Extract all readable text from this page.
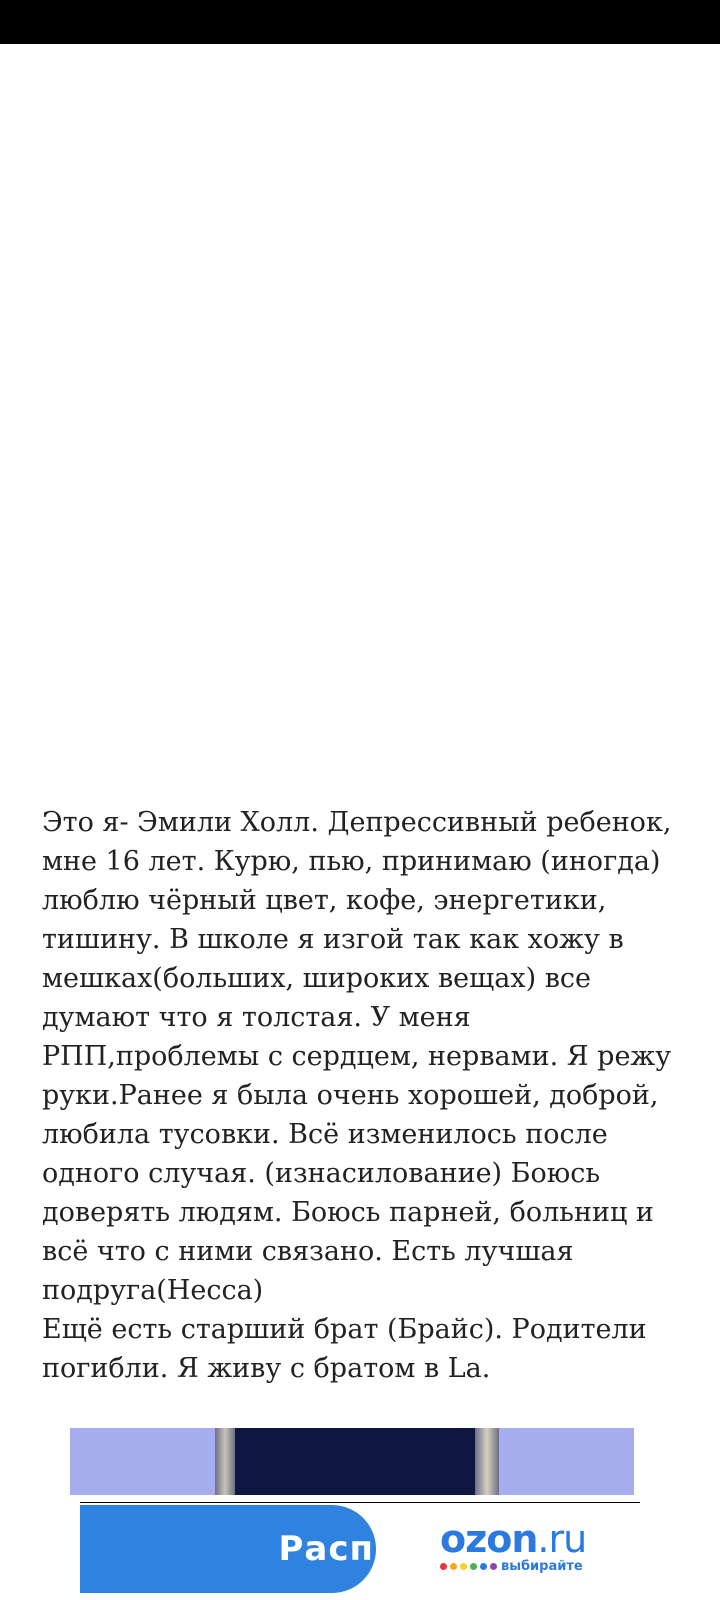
Это я- Эмили Холл. Депрессивный ребенок, мне 16 лет. Курю, пью, принимаю (иногда) люблю чёрный цвет, кофе, энергетики, тишину. В школе я изгой так как хожу в мешках(больших, широких вещах) все думают что я толстая. У меня РПП,проблемы с сердцем, нервами. Я режу руки.Ранее я была очень хорошей, доброй, любила тусовки. Всё изменилось после одного случая. (изнасилование) Боюсь доверять людям. Боюсь парней, больниц и всё что с ними связано. Есть лучшая подруга(Несса)

Ещё есть старший брат (Брайс). Родители погибли. Я живу с братом в La.

Расп ozon.ru
выбирайте
